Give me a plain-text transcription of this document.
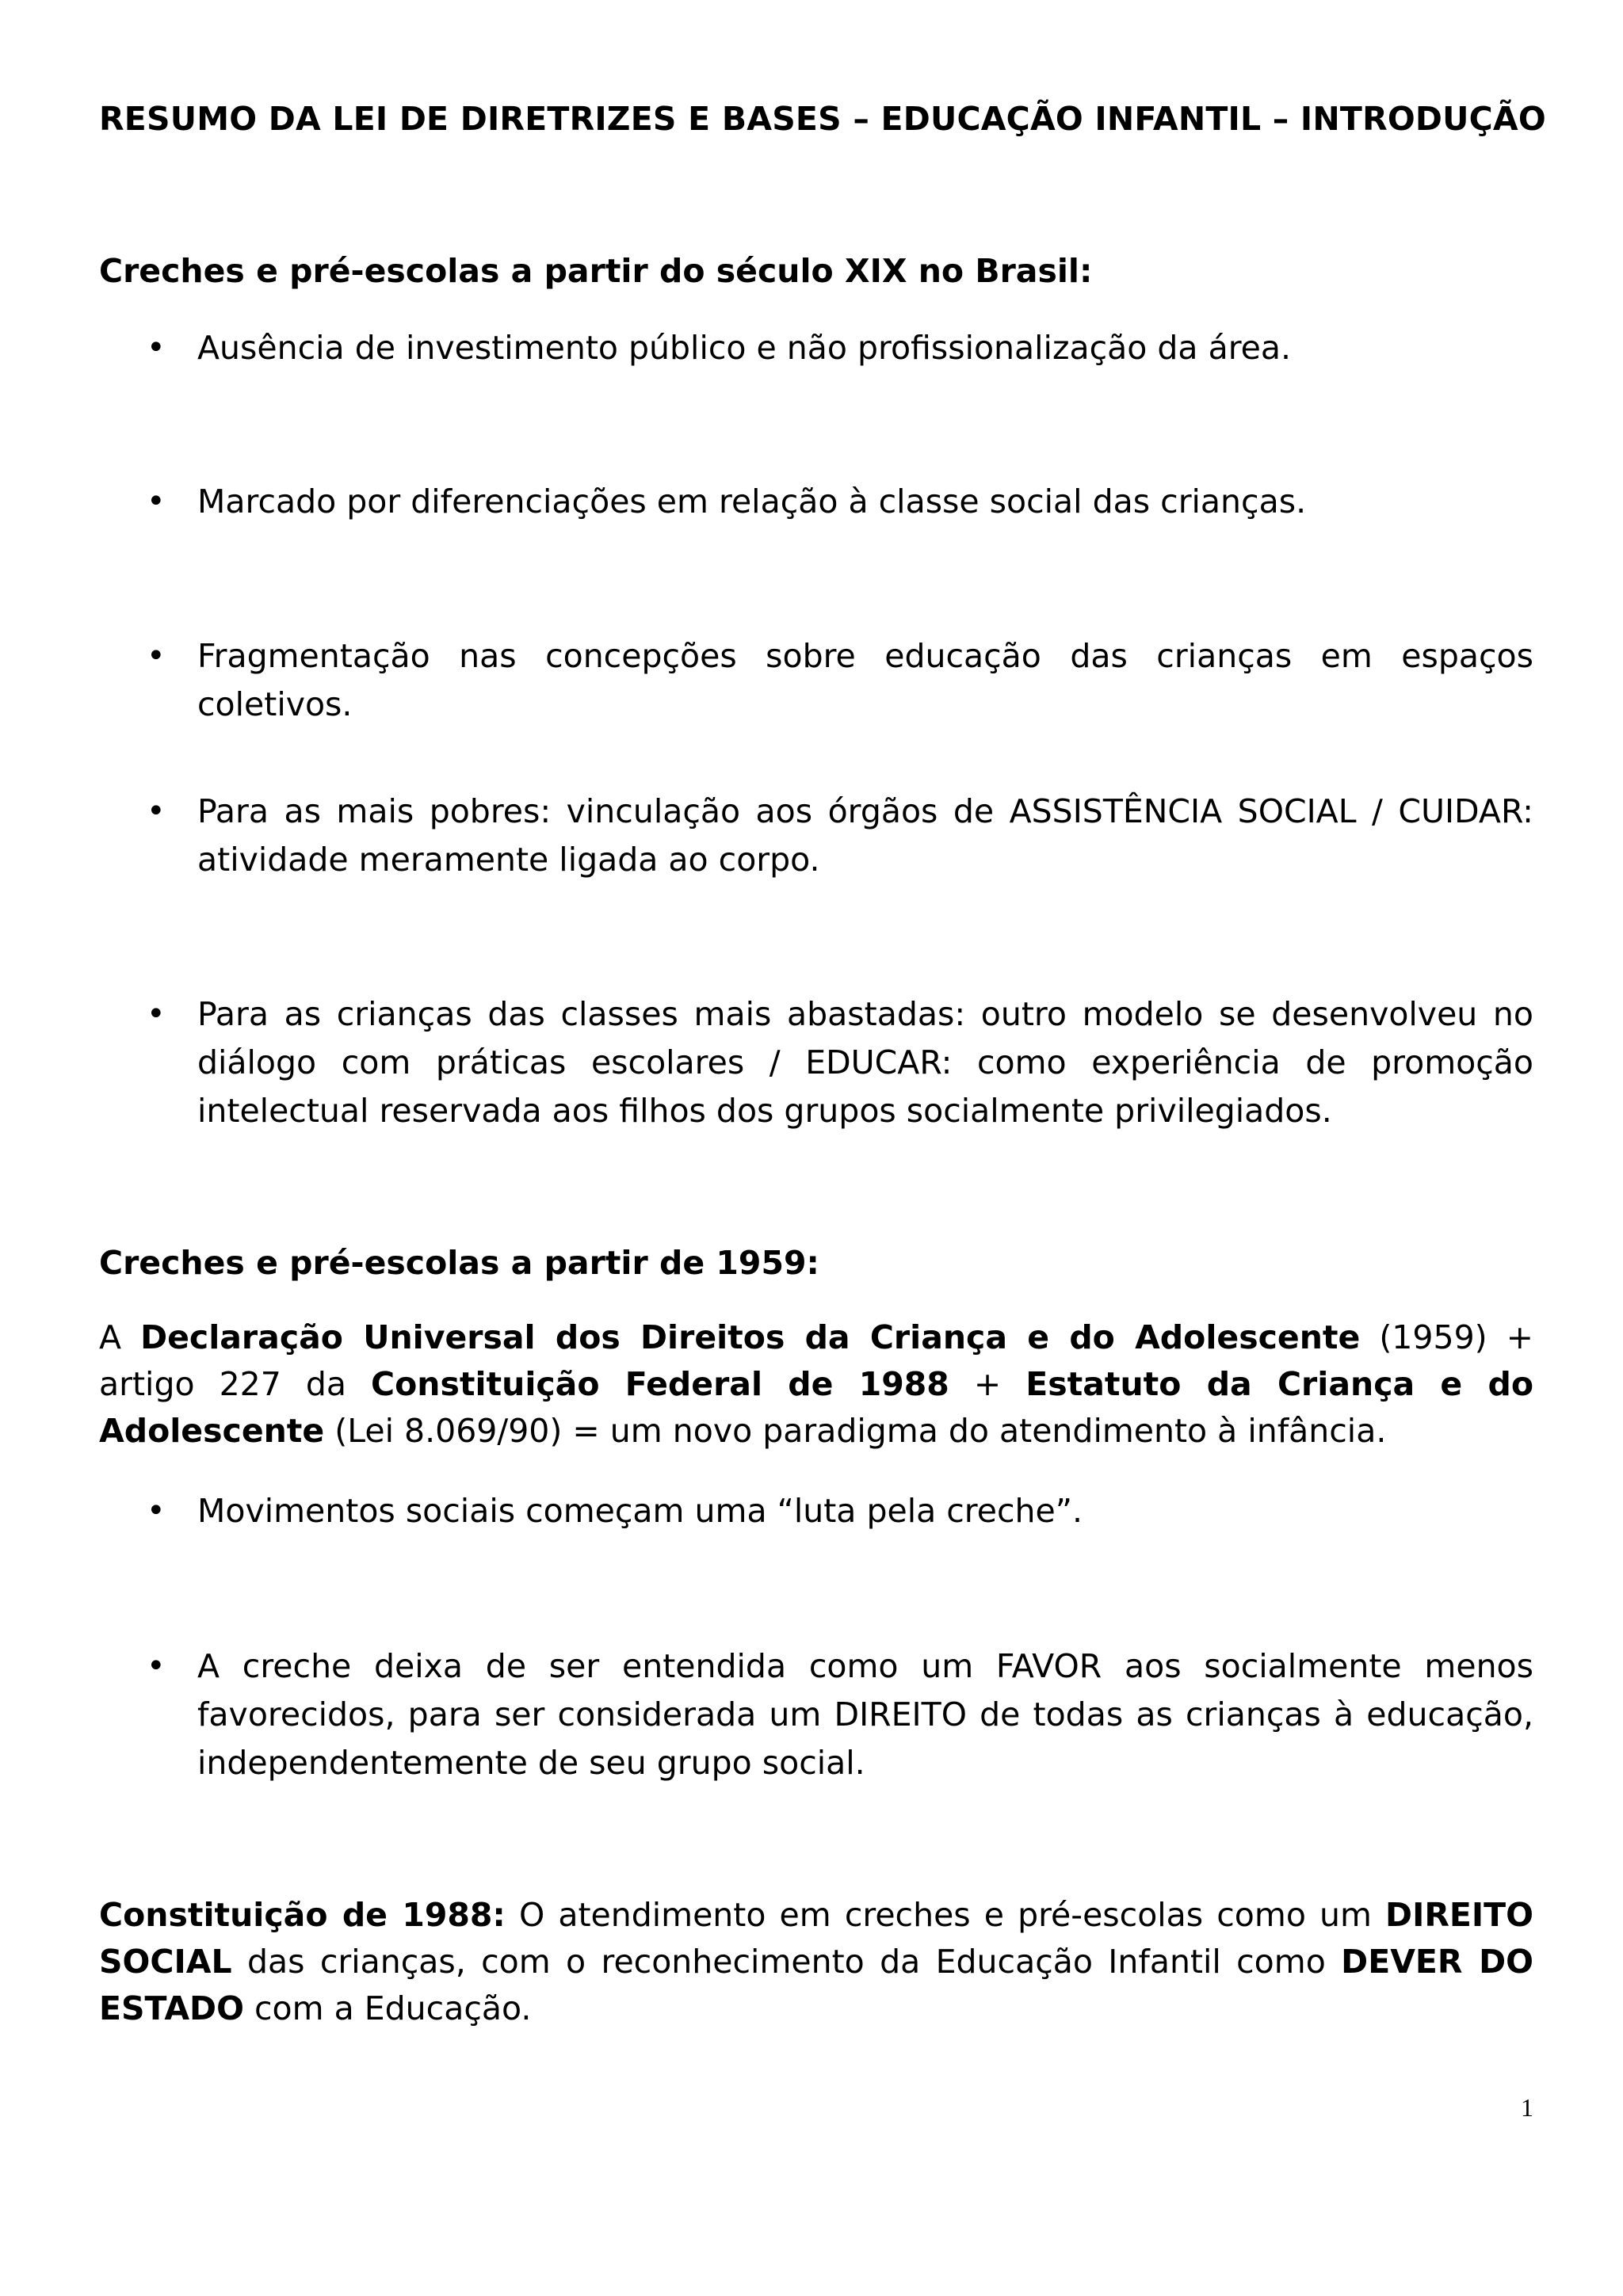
RESUMO DA LEI DE DIRETRIZES E BASES – EDUCAÇÃO INFANTIL – INTRODUÇÃO
Creches e pré-escolas a partir do século XIX no Brasil:
• Ausência de investimento público e não profissionalização da área.
• Marcado por diferenciações em relação à classe social das crianças.
• Fragmentação nas concepções sobre educação das crianças em espaços coletivos.
• Para as mais pobres: vinculação aos órgãos de ASSISTÊNCIA SOCIAL / CUIDAR: atividade meramente ligada ao corpo.
• Para as crianças das classes mais abastadas: outro modelo se desenvolveu no diálogo com práticas escolares / EDUCAR: como experiência de promoção intelectual reservada aos filhos dos grupos socialmente privilegiados.
Creches e pré-escolas a partir de 1959:
A Declaração Universal dos Direitos da Criança e do Adolescente (1959) + artigo 227 da Constituição Federal de 1988 + Estatuto da Criança e do Adolescente (Lei 8.069/90) = um novo paradigma do atendimento à infância.
• Movimentos sociais começam uma “luta pela creche”.
• A creche deixa de ser entendida como um FAVOR aos socialmente menos favorecidos, para ser considerada um DIREITO de todas as crianças à educação, independentemente de seu grupo social.
Constituição de 1988: O atendimento em creches e pré-escolas como um DIREITO SOCIAL das crianças, com o reconhecimento da Educação Infantil como DEVER DO ESTADO com a Educação.
1
